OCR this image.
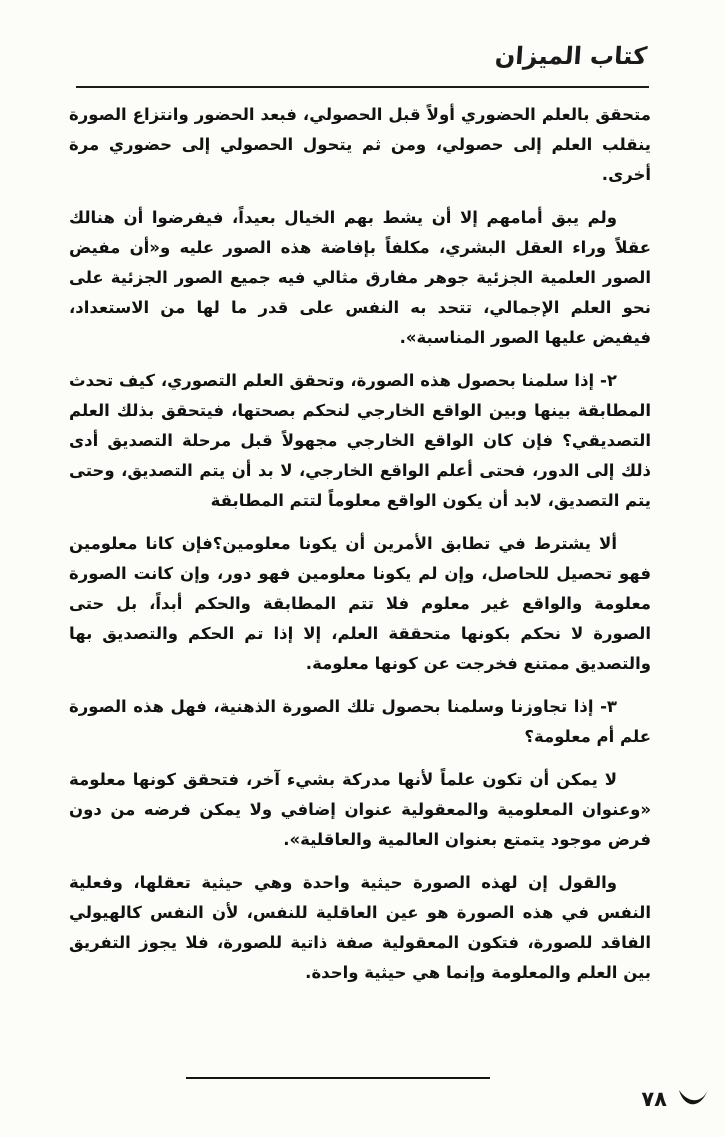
كتاب الميزان

متحقق بالعلم الحضوري أولاً قبل الحصولي، فبعد الحضور وانتزاع الصورة ينقلب العلم إلى حصولي، ومن ثم يتحول الحصولي إلى حضوري مرة أخرى.

ولم يبق أمامهم إلا أن يشط بهم الخيال بعيداً، فيفرضوا أن هنالك عقلاً وراء العقل البشري، مكلفاً بإفاضة هذه الصور عليه و«أن مفيض الصور العلمية الجزئية جوهر مفارق مثالي فيه جميع الصور الجزئية على نحو العلم الإجمالي، تتحد به النفس على قدر ما لها من الاستعداد، فيفيض عليها الصور المناسبة».

٢- إذا سلمنا بحصول هذه الصورة، وتحقق العلم التصوري، كيف تحدث المطابقة بينها وبين الواقع الخارجي لنحكم بصحتها، فيتحقق بذلك العلم التصديقي؟ فإن كان الواقع الخارجي مجهولاً قبل مرحلة التصديق أدى ذلك إلى الدور، فحتى أعلم الواقع الخارجي، لا بد أن يتم التصديق، وحتى يتم التصديق، لابد أن يكون الواقع معلوماً لتتم المطابقة

ألا يشترط في تطابق الأمرين أن يكونا معلومين؟فإن كانا معلومين فهو تحصيل للحاصل، وإن لم يكونا معلومين فهو دور، وإن كانت الصورة معلومة والواقع غير معلوم فلا تتم المطابقة والحكم أبداً، بل حتى الصورة لا نحكم بكونها متحققة العلم، إلا إذا تم الحكم والتصديق بها والتصديق ممتنع فخرجت عن كونها معلومة.

٣- إذا تجاوزنا وسلمنا بحصول تلك الصورة الذهنية، فهل هذه الصورة علم أم معلومة؟

لا يمكن أن تكون علماً لأنها مدركة بشيء آخر، فتحقق كونها معلومة «وعنوان المعلومية والمعقولية عنوان إضافي ولا يمكن فرضه من دون فرض موجود يتمتع بعنوان العالمية والعاقلية».

والقول إن لهذه الصورة حيثية واحدة وهي حيثية تعقلها، وفعلية النفس في هذه الصورة هو عين العاقلية للنفس، لأن النفس كالهيولي الفاقد للصورة، فتكون المعقولية صفة ذاتية للصورة، فلا يجوز التفريق بين العلم والمعلومة وإنما هي حيثية واحدة.

٧٨
